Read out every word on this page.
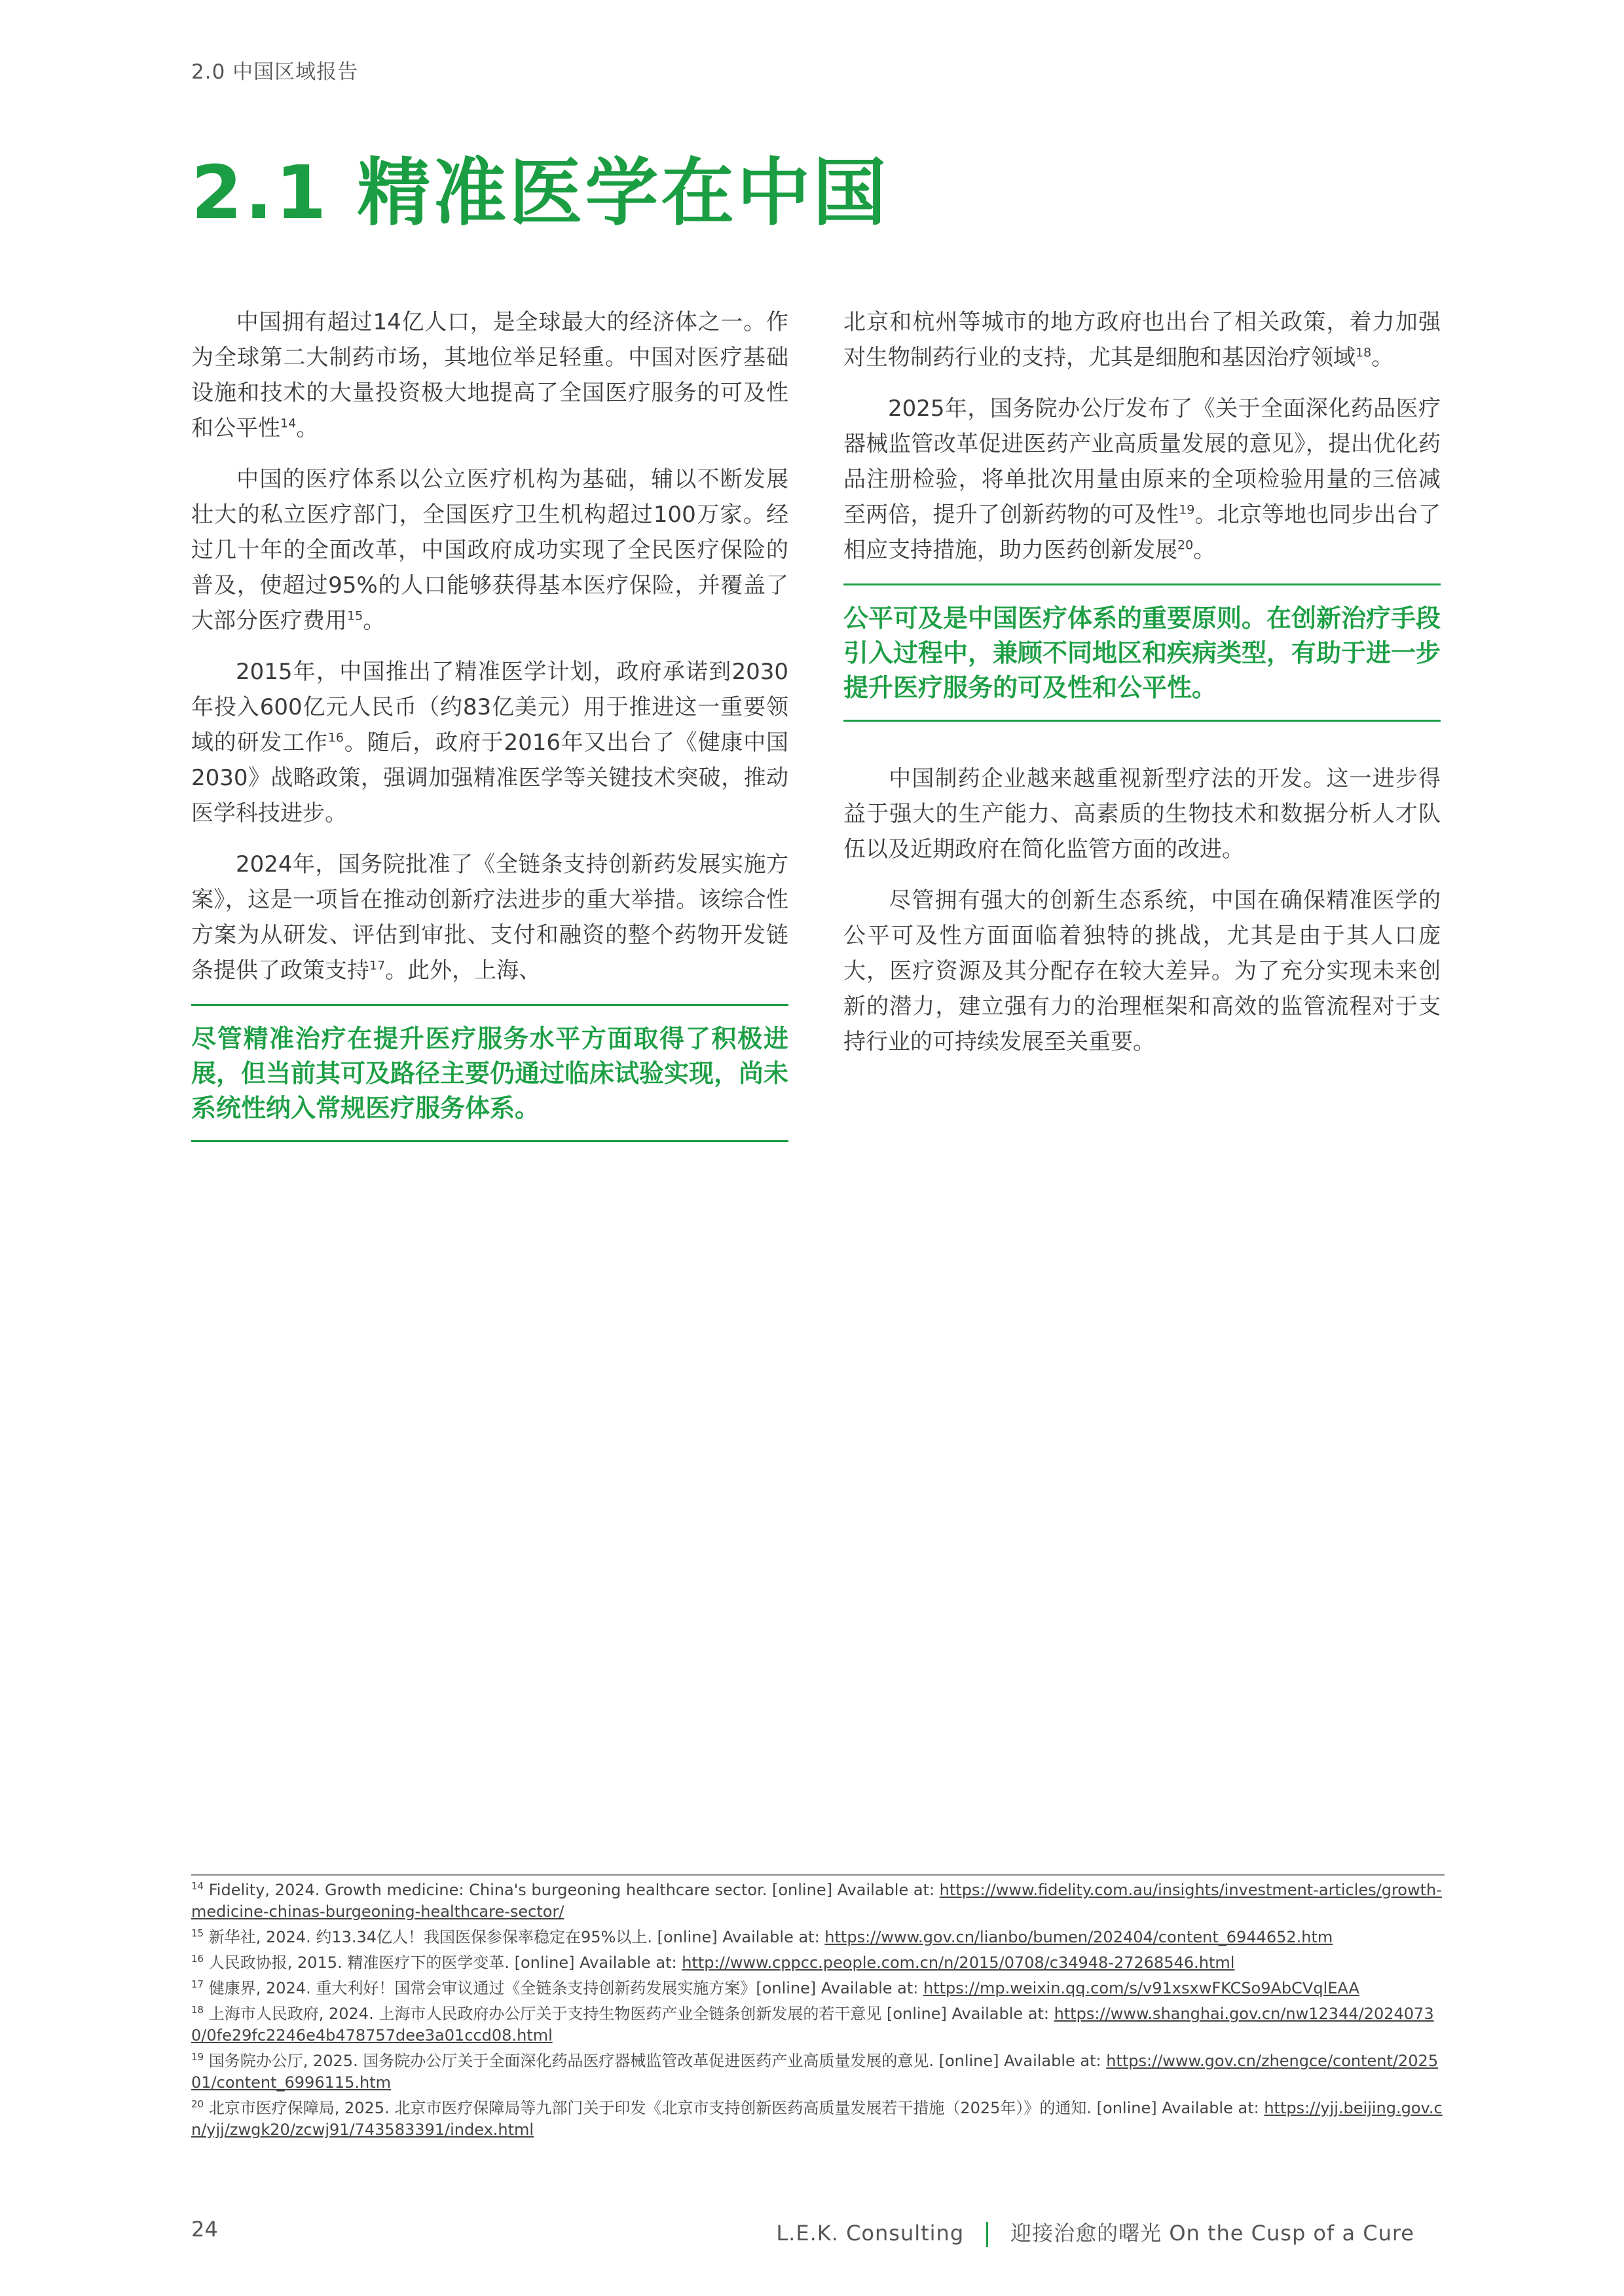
2.0 中国区域报告
2.1 精准医学在中国

中国拥有超过14亿人口，是全球最大的经济体之一。作为全球第二大制药市场，其地位举足轻重。中国对医疗基础设施和技术的大量投资极大地提高了全国医疗服务的可及性和公平性$^{14}$。

中国的医疗体系以公立医疗机构为基础，辅以不断发展壮大的私立医疗部门，全国医疗卫生机构超过100万家。经过几十年的全面改革，中国政府成功实现了全民医疗保险的普及，使超过95%的人口能够获得基本医疗保险，并覆盖了大部分医疗费用$^{15}$。

2015年，中国推出了精准医学计划，政府承诺到2030年投入600亿元人民币（约83亿美元）用于推进这一重要领域的研发工作$^{16}$。随后，政府于2016年又出台了《健康中国2030》战略政策，强调加强精准医学等关键技术突破，推动医学科技进步。

2024年，国务院批准了《全链条支持创新药发展实施方案》，这是一项旨在推动创新疗法进步的重大举措。该综合性方案为从研发、评估到审批、支付和融资的整个药物开发链条提供了政策支持$^{17}$。此外，上海、

尽管精准治疗在提升医疗服务水平方面取得了积极进展，但当前其可及路径主要仍通过临床试验实现，尚未系统性纳入常规医疗服务体系。

北京和杭州等城市的地方政府也出台了相关政策，着力加强对生物制药行业的支持，尤其是细胞和基因治疗领域$^{18}$。

2025年，国务院办公厅发布了《关于全面深化药品医疗器械监管改革促进医药产业高质量发展的意见》，提出优化药品注册检验，将单批次用量由原来的全项检验用量的三倍减至两倍，提升了创新药物的可及性$^{19}$。北京等地也同步出台了相应支持措施，助力医药创新发展$^{20}$。

公平可及是中国医疗体系的重要原则。在创新治疗手段引入过程中，兼顾不同地区和疾病类型，有助于进一步提升医疗服务的可及性和公平性。

中国制药企业越来越重视新型疗法的开发。这一进步得益于强大的生产能力、高素质的生物技术和数据分析人才队伍以及近期政府在简化监管方面的改进。

尽管拥有强大的创新生态系统，中国在确保精准医学的公平可及性方面面临着独特的挑战，尤其是由于其人口庞大，医疗资源及其分配存在较大差异。为了充分实现未来创新的潜力，建立强有力的治理框架和高效的监管流程对于支持行业的可持续发展至关重要。

$^{14}$ Fidelity, 2024. Growth medicine: China's burgeoning healthcare sector. [online] Available at: https://www.fidelity.com.au/insights/investment-articles/growth-medicine-chinas-burgeoning-healthcare-sector/
$^{15}$ 新华社, 2024. 约13.34亿人！我国医保参保率稳定在95%以上. [online] Available at: https://www.gov.cn/lianbo/bumen/202404/content_6944652.htm
$^{16}$ 人民政协报, 2015. 精准医疗下的医学变革. [online] Available at: http://www.cppcc.people.com.cn/n/2015/0708/c34948-27268546.html
$^{17}$ 健康界, 2024. 重大利好！国常会审议通过《全链条支持创新药发展实施方案》[online] Available at: https://mp.weixin.qq.com/s/v91xsxwFKCSo9AbCVqlEAA
$^{18}$ 上海市人民政府, 2024. 上海市人民政府办公厅关于支持生物医药产业全链条创新发展的若干意见 [online] Available at: https://www.shanghai.gov.cn/nw12344/20240730/0fe29fc2246e4b478757dee3a01ccd08.html
$^{19}$ 国务院办公厅, 2025. 国务院办公厅关于全面深化药品医疗器械监管改革促进医药产业高质量发展的意见. [online] Available at: https://www.gov.cn/zhengce/content/202501/content_6996115.htm
$^{20}$ 北京市医疗保障局, 2025. 北京市医疗保障局等九部门关于印发《北京市支持创新医药高质量发展若干措施（2025年）》的通知. [online] Available at: https://yjj.beijing.gov.cn/yjj/zwgk20/zcwj91/743583391/index.html
24	L.E.K. Consulting 迎接治愈的曙光 On the Cusp of a Cure
